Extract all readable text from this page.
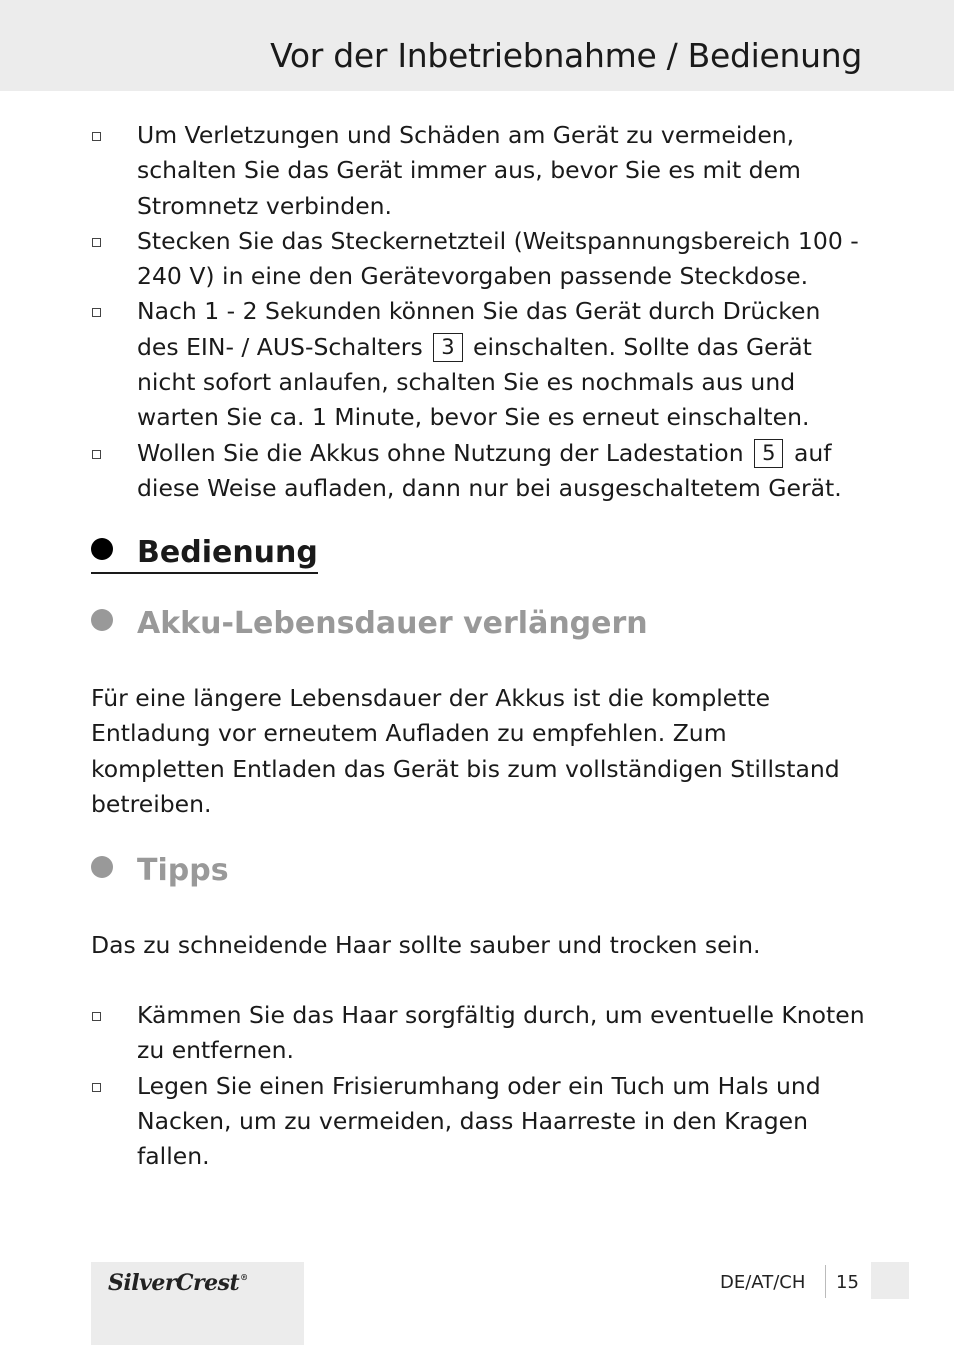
Vor der Inbetriebnahme / Bedienung
Um Verletzungen und Schäden am Gerät zu vermeiden, schalten Sie das Gerät immer aus, bevor Sie es mit dem Stromnetz verbinden.
Stecken Sie das Steckernetzteil (Weitspannungsbereich 100 - 240 V) in eine den Gerätevorgaben passende Steckdose.
Nach 1 - 2 Sekunden können Sie das Gerät durch Drücken des EIN- / AUS-Schalters 3 einschalten. Sollte das Gerät nicht sofort anlaufen, schalten Sie es nochmals aus und warten Sie ca. 1 Minute, bevor Sie es erneut einschalten.
Wollen Sie die Akkus ohne Nutzung der Ladestation 5 auf diese Weise aufladen, dann nur bei ausgeschaltetem Gerät.
Bedienung
Akku-Lebensdauer verlängern
Für eine längere Lebensdauer der Akkus ist die komplette Entladung vor erneutem Aufladen zu empfehlen. Zum kompletten Entladen das Gerät bis zum vollständigen Stillstand betreiben.
Tipps
Das zu schneidende Haar sollte sauber und trocken sein.
Kämmen Sie das Haar sorgfältig durch, um eventuelle Knoten zu entfernen.
Legen Sie einen Frisierumhang oder ein Tuch um Hals und Nacken, um zu vermeiden, dass Haarreste in den Kragen fallen.
SilverCrest®	DE/AT/CH 15
